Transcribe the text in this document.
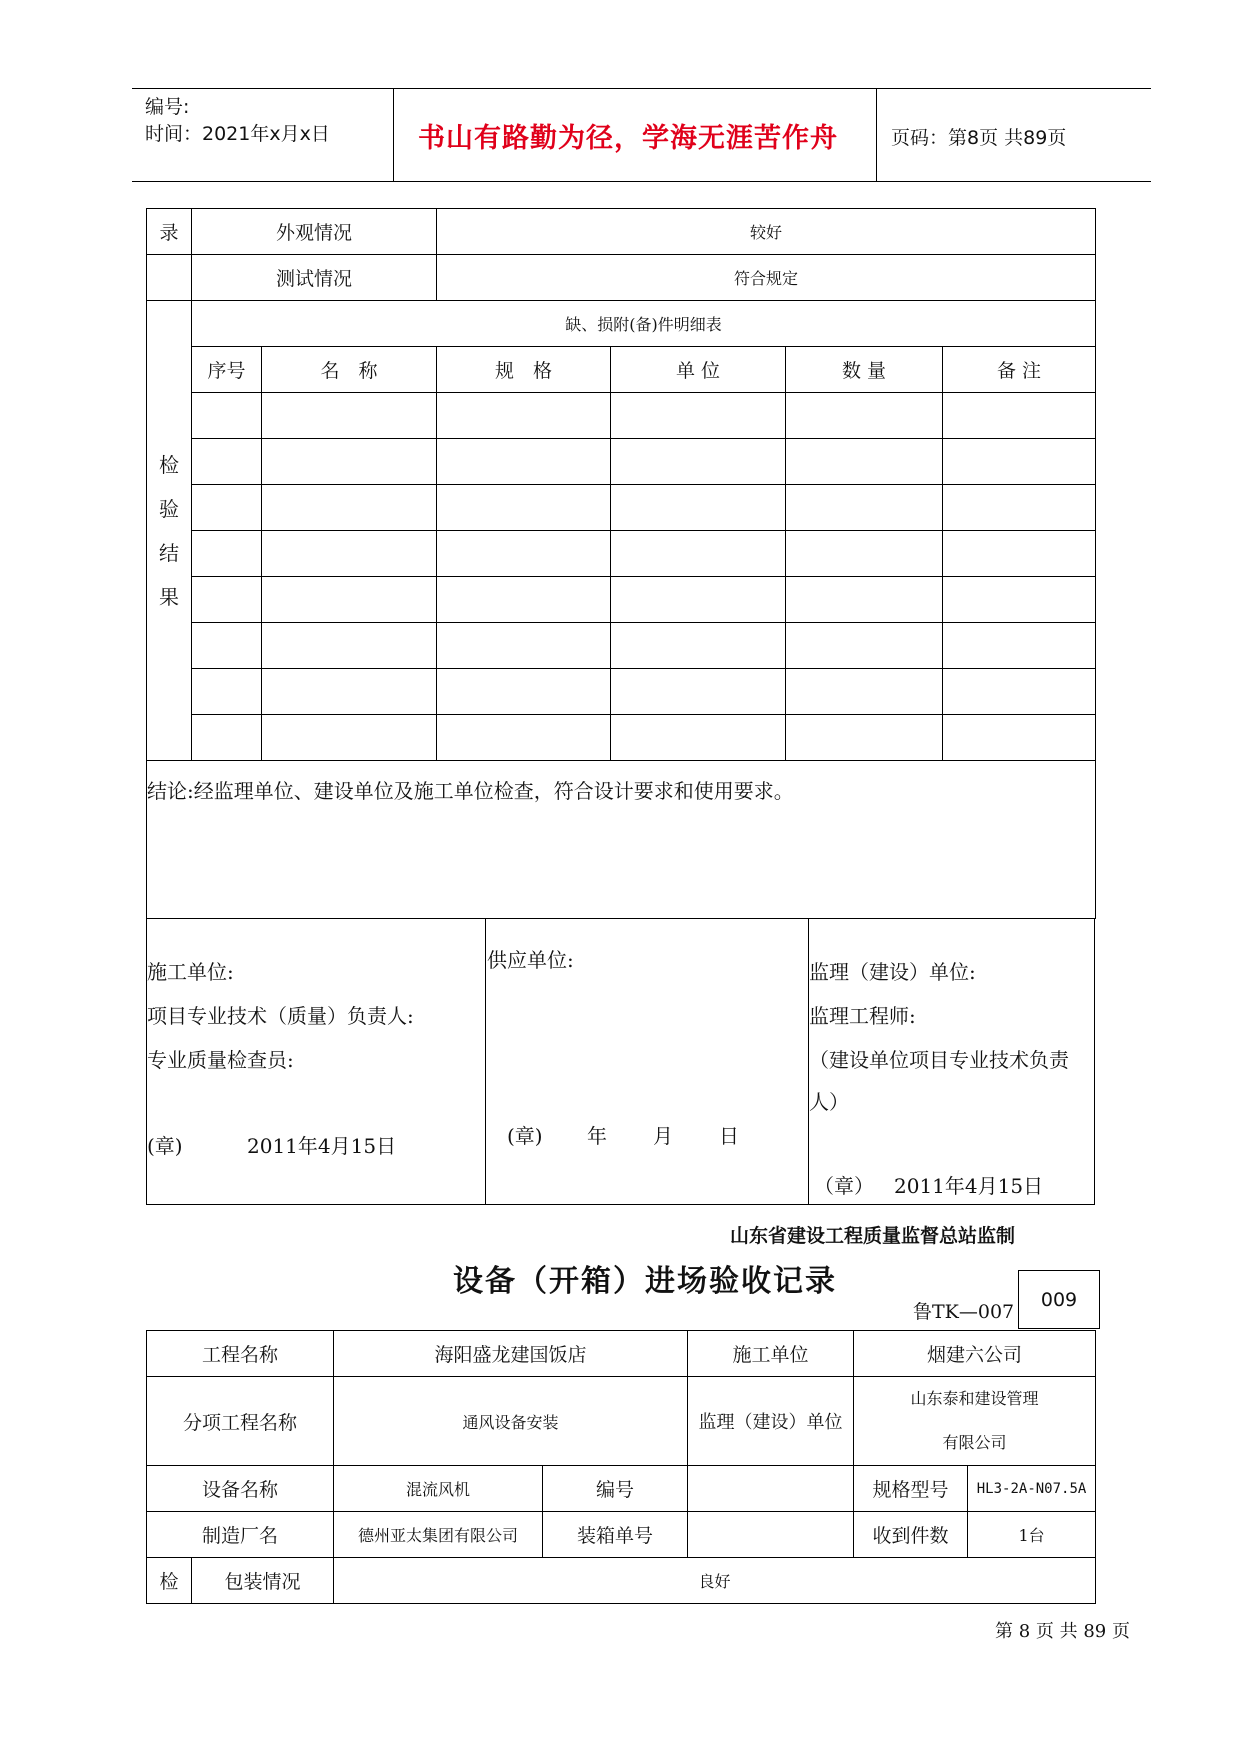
编号:
时间：2021年x月x日	书山有路勤为径，学海无涯苦作舟	页码：第8页 共89页
录	外观情况		较好			
	测试情况		符合规定			

检
验
结
果	缺、损附(备)件明细表					
	序号	名　称	规　格	单 位	数 量	备 注

结论:经监理单位、建设单位及施工单位检查，符合设计要求和使用要求。						
施工单位:
项目专业技术（质量）负责人:
专业质量检查员:
(章)	2011年4月15日
供应单位:
(章) 年 月 日
监理（建设）单位:
监理工程师:
（建设单位项目专业技术负责
人）
（章） 2011年4月15日
山东省建设工程质量监督总站监制
设备（开箱）进场验收记录
鲁TK—007
009
工程名称		海阳盛龙建国饭店		施工单位	烟建六公司	
分项工程名称		通风设备安装		监理（建设）单位	山东泰和建设管理
有限公司	

设备名称		混流风机	编号		规格型号	HL3-2A-N07.5A
制造厂名		德州亚太集团有限公司	装箱单号		收到件数	1台
检	包装情况	良好				
第 8 页 共 89 页
